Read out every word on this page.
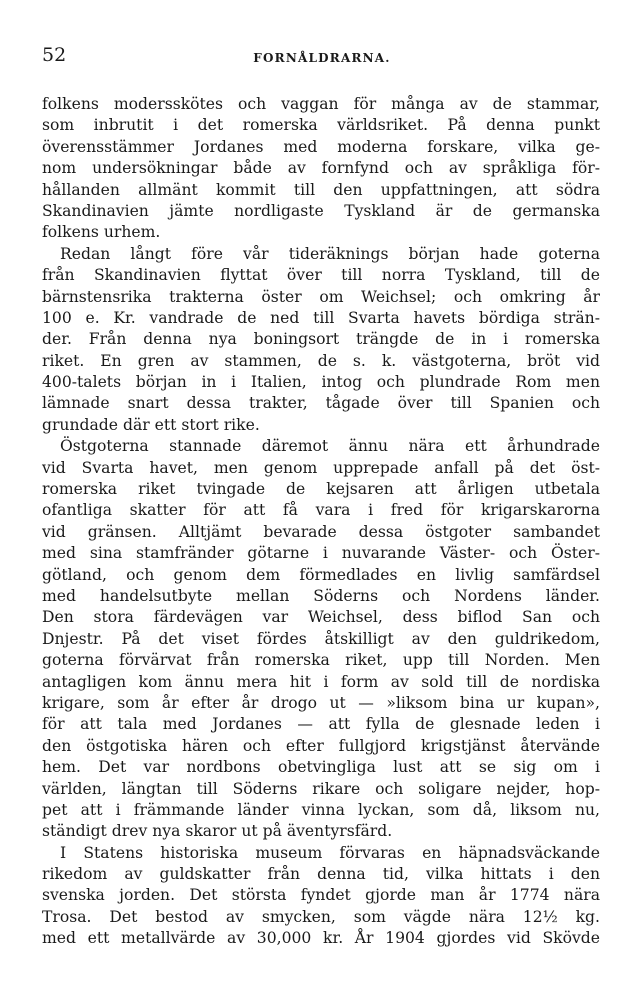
52	FORNÅLDRARNA.
folkens modersskötes och vaggan för många av de stammar,
som inbrutit i det romerska världsriket. På denna punkt
överensstämmer Jordanes med moderna forskare, vilka ge-
nom undersökningar både av fornfynd och av språkliga för-
hållanden allmänt kommit till den uppfattningen, att södra
Skandinavien jämte nordligaste Tyskland är de germanska
folkens urhem.
Redan långt före vår tideräknings början hade goterna
från Skandinavien flyttat över till norra Tyskland, till de
bärnstensrika trakterna öster om Weichsel; och omkring år
100 e. Kr. vandrade de ned till Svarta havets bördiga strän-
der. Från denna nya boningsort trängde de in i romerska
riket. En gren av stammen, de s. k. västgoterna, bröt vid
400-talets början in i Italien, intog och plundrade Rom men
lämnade snart dessa trakter, tågade över till Spanien och
grundade där ett stort rike.
Östgoterna stannade däremot ännu nära ett århundrade
vid Svarta havet, men genom upprepade anfall på det öst-
romerska riket tvingade de kejsaren att årligen utbetala
ofantliga skatter för att få vara i fred för krigarskarorna
vid gränsen. Alltjämt bevarade dessa östgoter sambandet
med sina stamfränder götarne i nuvarande Väster- och Öster-
götland, och genom dem förmedlades en livlig samfärdsel
med handelsutbyte mellan Söderns och Nordens länder.
Den stora färdevägen var Weichsel, dess biflod San och
Dnjestr. På det viset fördes åtskilligt av den guldrikedom,
goterna förvärvat från romerska riket, upp till Norden. Men
antagligen kom ännu mera hit i form av sold till de nordiska
krigare, som år efter år drogo ut — »liksom bina ur kupan»,
för att tala med Jordanes — att fylla de glesnade leden i
den östgotiska hären och efter fullgjord krigstjänst återvände
hem. Det var nordbons obetvingliga lust att se sig om i
världen, längtan till Söderns rikare och soligare nejder, hop-
pet att i främmande länder vinna lyckan, som då, liksom nu,
ständigt drev nya skaror ut på äventyrsfärd.
I Statens historiska museum förvaras en häpnadsväckande
rikedom av guldskatter från denna tid, vilka hittats i den
svenska jorden. Det största fyndet gjorde man år 1774 nära
Trosa. Det bestod av smycken, som vägde nära 12½ kg.
med ett metallvärde av 30,000 kr. År 1904 gjordes vid Skövde
